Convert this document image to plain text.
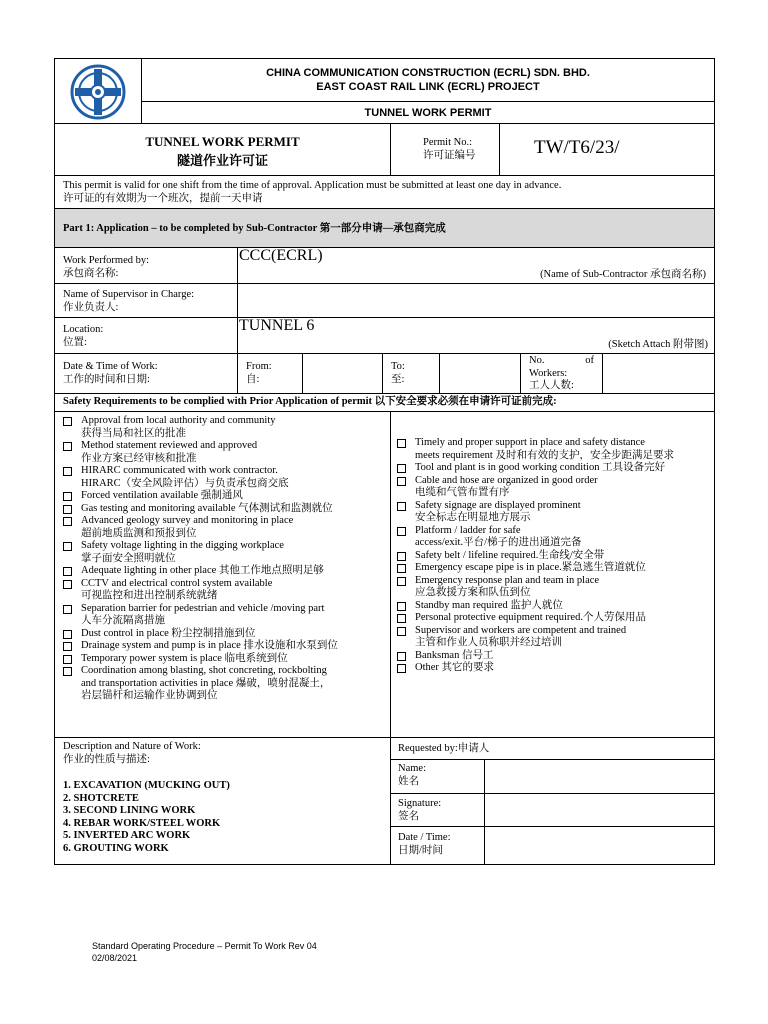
CHINA COMMUNICATION CONSTRUCTION (ECRL) SDN. BHD.
EAST COAST RAIL LINK (ECRL) PROJECT
TUNNEL WORK PERMIT
TUNNEL WORK PERMIT
隧道作业许可证
Permit No.:
许可证编号	TW/T6/23/
This permit is valid for one shift from the time of approval. Application must be submitted at least one day in advance.
许可证的有效期为一个班次，提前一天申请
Part 1: Application – to be completed by Sub-Contractor 第一部分申请—承包商完成
Work Performed by:
承包商名称:
CCC(ECRL)
(Name of Sub-Contractor 承包商名称)
Name of Supervisor in Charge:
作业负责人:
Location:
位置:
TUNNEL 6
(Sketch Attach 附带图)
Date & Time of Work:
工作的时间和日期:
From:
自:
To:
至:
No.	of
Workers:
工人人数:
Safety Requirements to be complied with Prior Application of permit 以下安全要求必须在申请许可证前完成:
Approval from local authority and community
获得当局和社区的批准
Method statement reviewed and approved
作业方案已经审核和批准
HIRARC communicated with work contractor.
HIRARC（安全风险评估）与负责承包商交底
Forced ventilation available 强制通风
Gas testing and monitoring available 气体测试和监测就位
Advanced geology survey and monitoring in place
超前地质监测和预报到位
Safety voltage lighting in the digging workplace
掌子面安全照明就位
Adequate lighting in other place 其他工作地点照明足够
CCTV and electrical control system available
可视监控和进出控制系统就绪
Separation barrier for pedestrian and vehicle /moving part
人车分流隔离措施
Dust control in place 粉尘控制措施到位
Drainage system and pump is in place 排水设施和水泵到位
Temporary power system is place 临电系统到位
Coordination among blasting, shot concreting, rockbolting
and transportation activities in place 爆破，喷射混凝土，
岩层锚杆和运输作业协调到位
Timely and proper support in place and safety distance
meets requirement 及时和有效的支护，安全步距满足要求
Tool and plant is in good working condition 工具设备完好
Cable and hose are organized in good order
电缆和气管布置有序
Safety signage are displayed prominent
安全标志在明显地方展示
Platform / ladder for safe
access/exit.平台/梯子的进出通道完备
Safety belt / lifeline required.生命线/安全带
Emergency escape pipe is in place.紧急逃生管道就位
Emergency response plan and team in place
应急救援方案和队伍到位
Standby man required 监护人就位
Personal protective equipment required.个人劳保用品
Supervisor and workers are competent and trained
主管和作业人员称职并经过培训
Banksman 信号工
Other 其它的要求
Description and Nature of Work:
作业的性质与描述:
1. EXCAVATION (MUCKING OUT)
2. SHOTCRETE
3. SECOND LINING WORK
4. REBAR WORK/STEEL WORK
5. INVERTED ARC WORK
6. GROUTING WORK
Requested by:申请人
Name:
姓名
Signature:
签名
Date / Time:
日期/时间
Standard Operating Procedure – Permit To Work Rev 04
02/08/2021
